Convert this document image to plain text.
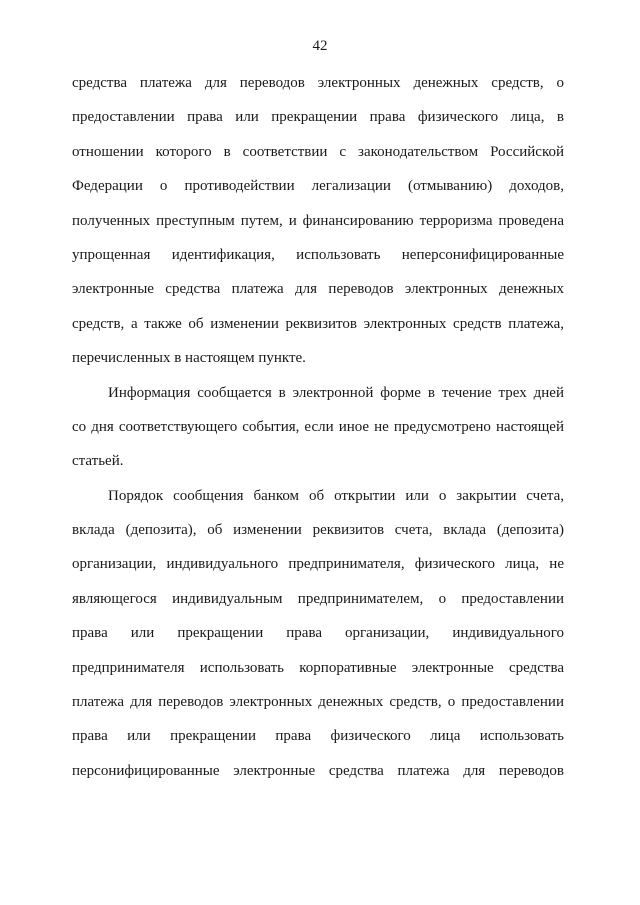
42

средства платежа для переводов электронных денежных средств, о
предоставлении права или прекращении права физического лица, в
отношении которого в соответствии с законодательством Российской
Федерации о противодействии легализации (отмыванию) доходов,
полученных преступным путем, и финансированию терроризма проведена
упрощенная идентификация, использовать неперсонифицированные
электронные средства платежа для переводов электронных денежных
средств, а также об изменении реквизитов электронных средств платежа,
перечисленных в настоящем пункте.

Информация сообщается в электронной форме в течение трех дней
со дня соответствующего события, если иное не предусмотрено настоящей
статьей.

Порядок сообщения банком об открытии или о закрытии счета,
вклада (депозита), об изменении реквизитов счета, вклада (депозита)
организации, индивидуального предпринимателя, физического лица, не
являющегося индивидуальным предпринимателем, о предоставлении
права или прекращении права организации, индивидуального
предпринимателя использовать корпоративные электронные средства
платежа для переводов электронных денежных средств, о предоставлении
права или прекращении права физического лица использовать
персонифицированные электронные средства платежа для переводов
